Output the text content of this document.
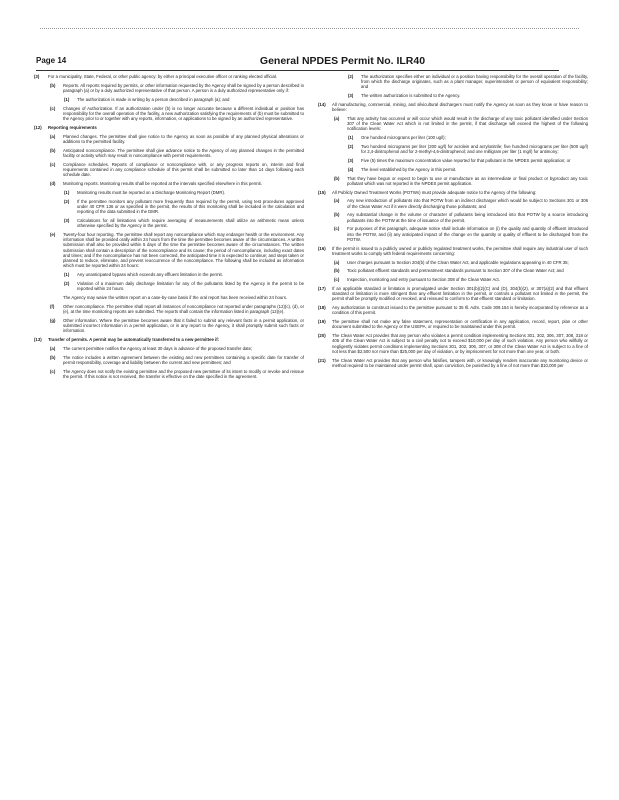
Page 14	General NPDES Permit No. ILR40
(3)	For a municipality, State, Federal, or other public agency: by either a principal executive officer or ranking elected official.
(b)	Reports. All reports required by permits, or other information requested by the Agency shall be signed by a person described in paragraph (a) or by a duly authorized representative of that person. A person is a duly authorized representative only if:
(1)	The authorization is made in writing by a person described in paragraph (a); and
(c)	Changes of Authorization. If an authorization under (b) is no longer accurate because a different individual or position has responsibility for the overall operation of the facility, a new authorization satisfying the requirements of (b) must be submitted to the Agency prior to or together with any reports, information, or applications to be signed by an authorized representative.
(12)	Reporting requirements
(a)	Planned changes. The permittee shall give notice to the Agency as soon as possible of any planned physical alterations or additions to the permitted facility.
(b)	Anticipated noncompliance. The permittee shall give advance notice to the Agency of any planned changes in the permitted facility or activity which may result in noncompliance with permit requirements.
(c)	Compliance schedules. Reports of compliance or noncompliance with, or any progress reports on, interim and final requirements contained in any compliance schedule of this permit shall be submitted no later than 14 days following each schedule date.
(d)	Monitoring reports. Monitoring results shall be reported at the intervals specified elsewhere in this permit.
(1)	Monitoring results must be reported on a Discharge Monitoring Report (DMR).
(2)	If the permittee monitors any pollutant more frequently than required by the permit, using test procedures approved under 40 CFR 136 or as specified in the permit, the results of this monitoring shall be included in the calculation and reporting of the data submitted in the DMR.
(3)	Calculations for all limitations which require averaging of measurements shall utilize an arithmetic mean unless otherwise specified by the Agency in the permit.
(e)	Twenty-four hour reporting. The permittee shall report any noncompliance which may endanger health or the environment. Any information shall be provided orally within 24 hours from the time the permittee becomes aware of the circumstances. A written submission shall also be provided within 5 days of the time the permittee becomes aware of the circumstances. The written submission shall contain a description of the noncompliance and its cause; the period of noncompliance, including exact dates and times; and if the noncompliance has not been corrected, the anticipated time it is expected to continue; and steps taken or planned to reduce, eliminate, and prevent reoccurrence of the noncompliance. The following shall be included as information which must be reported within 24 hours:
(1)	Any unanticipated bypass which exceeds any effluent limitation in the permit.
(2)	Violation of a maximum daily discharge limitation for any of the pollutants listed by the Agency in the permit to be reported within 24 hours.
The Agency may waive the written report on a case-by-case basis if the oral report has been received within 24 hours.
(f)	Other noncompliance. The permittee shall report all instances of noncompliance not reported under paragraphs (12)(c), (d), or (e), at the time monitoring reports are submitted. The reports shall contain the information listed in paragraph (12)(e).
(g)	Other information. Where the permittee becomes aware that it failed to submit any relevant facts in a permit application, or submitted incorrect information in a permit application, or in any report to the Agency, it shall promptly submit such facts or information.
(13)	Transfer of permits. A permit may be automatically transferred to a new permittee if:
(a)	The current permittee notifies the Agency at least 30 days in advance of the proposed transfer date;
(b)	The notice includes a written agreement between the existing and new permittees containing a specific date for transfer of permit responsibility, coverage and liability between the current and new permittees; and
(c)	The Agency does not notify the existing permittee and the proposed new permittee of its intent to modify or revoke and reissue the permit. If this notice is not received, the transfer is effective on the date specified in the agreement.
(2)	The authorization specifies either an individual or a position having responsibility for the overall operation of the facility, from which the discharge originates, such as a plant manager, superintendent or person of equivalent responsibility; and
(3)	The written authorization is submitted to the Agency.
(14)	All manufacturing, commercial, mining, and silvicultural dischargers must notify the Agency as soon as they know or have reason to believe:
(a)	That any activity has occurred or will occur which would result in the discharge of any toxic pollutant identified under Section 307 of the Clean Water Act which is not limited in the permit, if that discharge will exceed the highest of the following notification levels:
(1)	One hundred micrograms per liter (100 ug/l);
(2)	Two hundred micrograms per liter (200 ug/l) for acrolein and acrylonitrile; five hundred micrograms per liter (500 ug/l) for 2,4-dinitrophenol and for 2-methyl-4,6-dinitrophenol; and one milligram per liter (1 mg/l) for antimony;
(3)	Five (5) times the maximum concentration value reported for that pollutant in the NPDES permit application; or
(4)	The level established by the Agency in this permit.
(b)	That they have begun or expect to begin to use or manufacture as an intermediate or final product or byproduct any toxic pollutant which was not reported in the NPDES permit application.
(15)	All Publicly Owned Treatment Works (POTWs) must provide adequate notice to the Agency of the following:
(a)	Any new introduction of pollutants into that POTW from an indirect discharger which would be subject to Sections 301 or 306 of the Clean Water Act if it were directly discharging those pollutants; and
(b)	Any substantial change in the volume or character of pollutants being introduced into that POTW by a source introducing pollutants into the POTW at the time of issuance of the permit.
(c)	For purposes of this paragraph, adequate notice shall include information on (i) the quality and quantity of effluent introduced into the POTW, and (ii) any anticipated impact of the change on the quantity or quality of effluent to be discharged from the POTW.
(16)	If the permit is issued to a publicly owned or publicly regulated treatment works, the permittee shall require any industrial user of such treatment works to comply with federal requirements concerning:
(a)	User charges pursuant to Section 204(b) of the Clean Water Act, and applicable regulations appearing in 40 CFR 35;
(b)	Toxic pollutant effluent standards and pretreatment standards pursuant to Section 307 of the Clean Water Act; and
(c)	Inspection, monitoring and entry pursuant to Section 308 of the Clean Water Act.
(17)	If an applicable standard or limitation is promulgated under Section 301(b)(2)(C) and (D), 304(b)(2), or 307(a)(2) and that effluent standard or limitation is more stringent than any effluent limitation in the permit, or controls a pollutant not limited in the permit, the permit shall be promptly modified or revoked, and reissued to conform to that effluent standard or limitation.
(18)	Any authorization to construct issued to the permittee pursuant to 35 Ill. Adm. Code 309.154 is hereby incorporated by reference as a condition of this permit.
(19)	The permittee shall not make any false statement, representation or certification in any application, record, report, plan or other document submitted to the Agency or the USEPA, or required to be maintained under this permit.
(20)	The Clean Water Act provides that any person who violates a permit condition implementing Sections 301, 302, 306, 307, 308, 318 or 405 of the Clean Water Act is subject to a civil penalty not to exceed $10,000 per day of such violation. Any person who willfully or negligently violates permit conditions implementing Sections 301, 302, 306, 307, or 308 of the Clean Water Act is subject to a fine of not less than $2,500 nor more than $25,000 per day of violation, or by imprisonment for not more than one year, or both.
(21)	The Clean Water Act provides that any person who falsifies, tampers with, or knowingly renders inaccurate any monitoring device or method required to be maintained under permit shall, upon conviction, be punished by a fine of not more than $10,000 per
